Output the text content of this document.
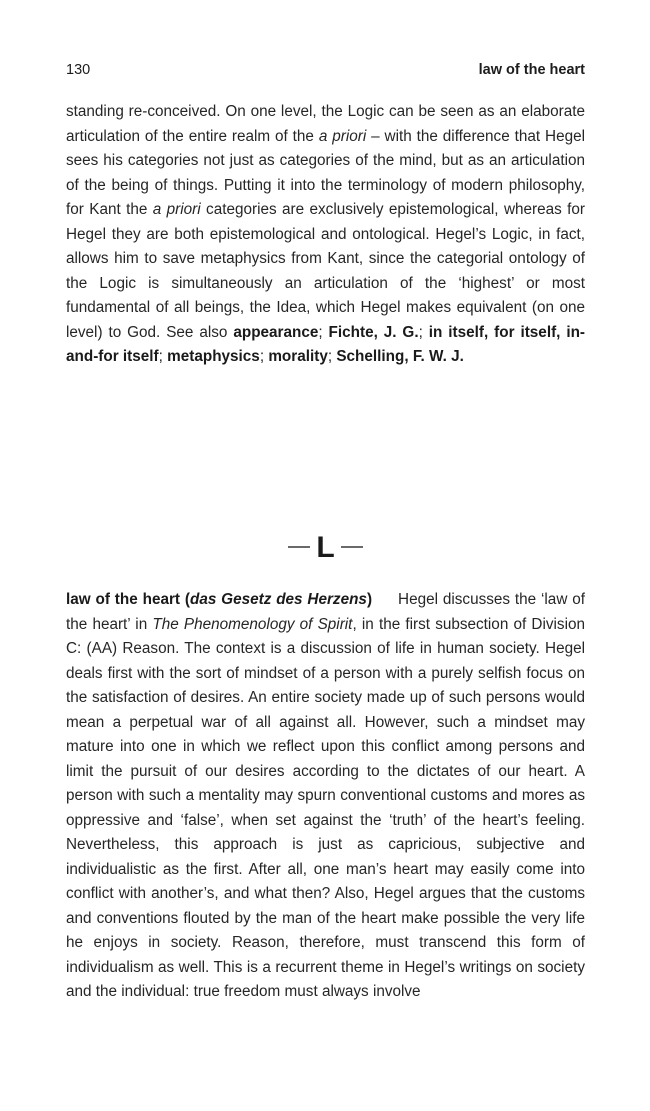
130	law of the heart

standing re-conceived. On one level, the Logic can be seen as an elaborate articulation of the entire realm of the a priori – with the difference that Hegel sees his categories not just as categories of the mind, but as an articulation of the being of things. Putting it into the terminology of modern philosophy, for Kant the a priori categories are exclusively epistemological, whereas for Hegel they are both epistemological and ontological. Hegel’s Logic, in fact, allows him to save metaphysics from Kant, since the categorial ontology of the Logic is simultaneously an articulation of the ‘highest’ or most fundamental of all beings, the Idea, which Hegel makes equivalent (on one level) to God. See also appearance; Fichte, J. G.; in itself, for itself, in-and-for itself; metaphysics; morality; Schelling, F. W. J.

L

law of the heart (das Gesetz des Herzens) Hegel discusses the ‘law of the heart’ in The Phenomenology of Spirit, in the first subsection of Division C: (AA) Reason. The context is a discussion of life in human society. Hegel deals first with the sort of mindset of a person with a purely selfish focus on the satisfaction of desires. An entire society made up of such persons would mean a perpetual war of all against all. However, such a mindset may mature into one in which we reflect upon this conflict among persons and limit the pursuit of our desires according to the dictates of our heart. A person with such a mentality may spurn conventional customs and mores as oppressive and ‘false’, when set against the ‘truth’ of the heart’s feeling. Nevertheless, this approach is just as capricious, subjective and individualistic as the first. After all, one man’s heart may easily come into conflict with another’s, and what then? Also, Hegel argues that the customs and conventions flouted by the man of the heart make possible the very life he enjoys in society. Reason, therefore, must transcend this form of individualism as well. This is a recurrent theme in Hegel’s writings on society and the individual: true freedom must always involve
